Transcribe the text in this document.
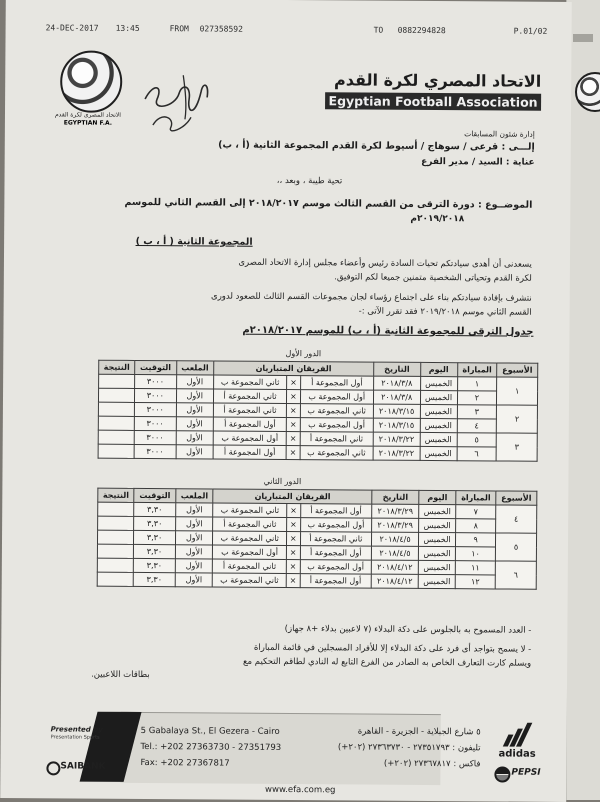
24-DEC-2017 13:45	FROM 027358592	TO 0882294828	P.01/02
الاتحاد المصرى لكرة القدم
EGYPTIAN F.A.
الاتحاد المصري لكرة القدم
Egyptian Football Association
إدارة شئون المسابقات
إلـــى : قرعى / سوهاج / أسيوط لكرة القدم المجموعة الثانية (أ ، ب)
عناية : السيد / مدير الفرع
تحية طيبة ، وبعد ،،
الموضــوع : دورة الترقى من القسم الثالث موسم ٢٠١٨/٢٠١٧ إلى القسم الثاني للموسم
٢٠١٩/٢٠١٨م
المجموعة الثانية ( أ ، ب )
يسعدنى أن أهدى سيادتكم تحيات السادة رئيس وأعضاء مجلس إدارة الاتحاد المصرى
لكرة القدم وتحياتى الشخصية متمنين جميعا لكم التوفيق.
نتشرف بإفادة سيادتكم بناء على اجتماع رؤساء لجان مجموعات القسم الثالث للصعود لدورى
القسم الثاني موسم ٢٠١٩/٢٠١٨ فقد تقرر الآتى :-
جدول الترقى للمجموعة الثانية (أ ، ب) للموسم ٢٠١٨/٢٠١٧م
الدور الأول
الأسبوع	المباراة	اليوم	التاريخ	الفريقان المتباريان			الملعب	التوقيت	النتيجة
١	١	الخميس	٢٠١٨/٣/٨	أول المجموعة أ	×	ثاني المجموعة ب	الأول	٣٠٠٠	
	٢	الخميس	٢٠١٨/٣/٨	أول المجموعة ب	×	ثاني المجموعة أ	الأول	٣٠٠٠	
٢	٣	الخميس	٢٠١٨/٣/١٥	ثاني المجموعة ب	×	ثاني المجموعة أ	الأول	٣٠٠٠	
	٤	الخميس	٢٠١٨/٣/١٥	أول المجموعة ب	×	أول المجموعة أ	الأول	٣٠٠٠	
٣	٥	الخميس	٢٠١٨/٣/٢٢	ثاني المجموعة أ	×	أول المجموعة ب	الأول	٣٠٠٠	
	٦	الخميس	٢٠١٨/٣/٢٢	ثاني المجموعة ب	×	أول المجموعة أ	الأول	٣٠٠٠	
الدور الثاني
الأسبوع	المباراة	اليوم	التاريخ	الفريقان المتباريان			الملعب	التوقيت	النتيجة
٤	٧	الخميس	٢٠١٨/٣/٢٩	أول المجموعة أ	×	ثاني المجموعة ب	الأول	٣,٣٠	
	٨	الخميس	٢٠١٨/٣/٢٩	أول المجموعة ب	×	ثاني المجموعة أ	الأول	٣,٣٠	
٥	٩	الخميس	٢٠١٨/٤/٥	ثاني المجموعة أ	×	ثاني المجموعة ب	الأول	٣,٣٠	
	١٠	الخميس	٢٠١٨/٤/٥	أول المجموعة أ	×	أول المجموعة ب	الأول	٣,٣٠	
٦	١١	الخميس	٢٠١٨/٤/١٢	أول المجموعة ب	×	ثاني المجموعة أ	الأول	٣,٣٠	
	١٢	الخميس	٢٠١٨/٤/١٢	أول المجموعة أ	×	ثاني المجموعة ب	الأول	٣,٣٠	
- العدد المسموح به بالجلوس على دكة البدلاء (٧ لاعبين بدلاء +٨ جهاز)
- لا يسمح بتواجد أى فرد على دكة البدلاء إلا للأفراد المسجلين في قائمة المباراة
ويسلم كارت التعارف الخاص به الصادر من الفرع التابع له النادي لطاقم التحكيم مع
بطاقات اللاعبين.
Presented by
Presentation Sports
SAIBANK
5 Gabalaya St., El Gezera - Cairo
Tel.: +202 27363730 - 27351793
Fax: +202 27367817
٥ شارع الجبلاية - الجزيرة - القاهرة
تليفون : ٢٧٣٥١٧٩٣ - ٢٧٣٦٣٧٣٠ (٢٠٢+)
فاكس : ٢٧٣٦٧٨١٧ (٢٠٢+)
www.efa.com.eg
adidas
PEPSI
